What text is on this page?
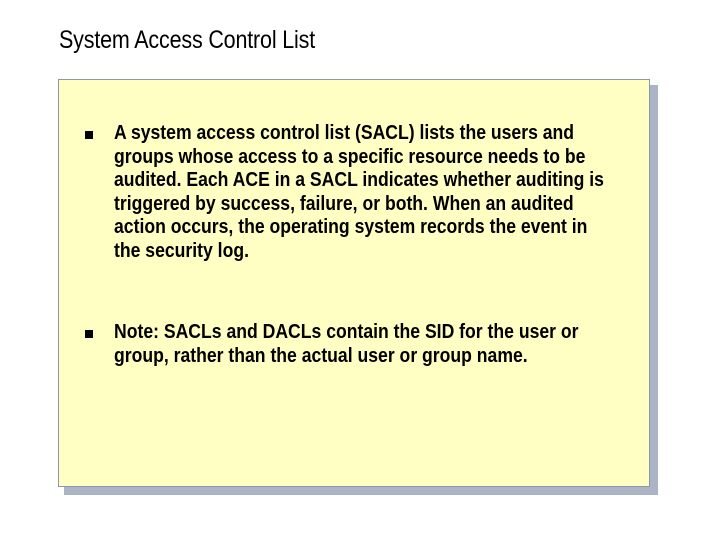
System Access Control List

A system access control list (SACL) lists the users and groups whose access to a specific resource needs to be audited. Each ACE in a SACL indicates whether auditing is triggered by success, failure, or both. When an audited action occurs, the operating system records the event in the security log.

Note: SACLs and DACLs contain the SID for the user or group, rather than the actual user or group name.
